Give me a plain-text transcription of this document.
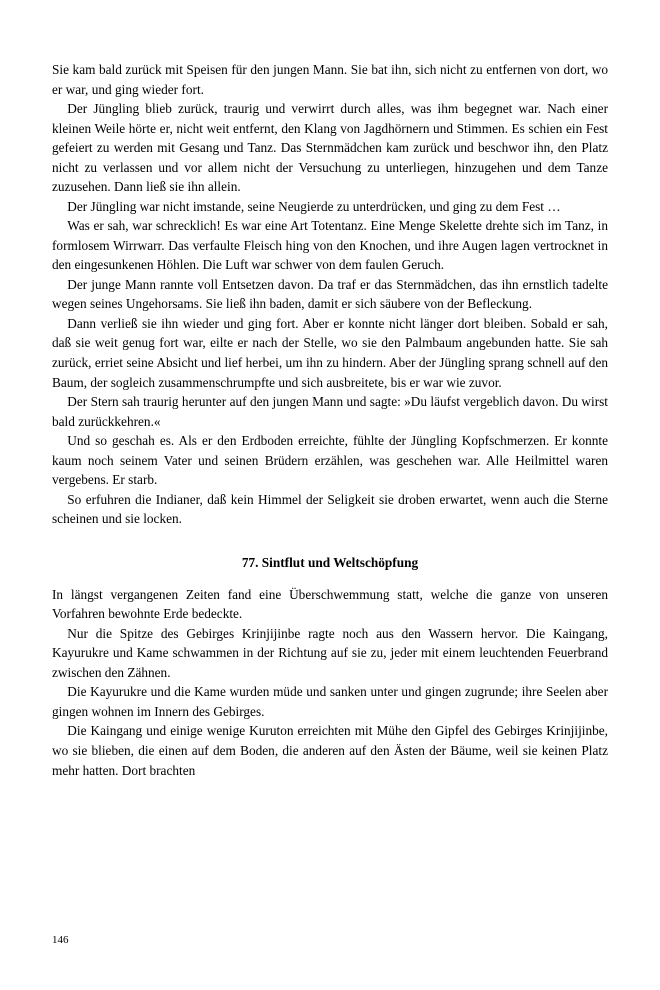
Sie kam bald zurück mit Speisen für den jungen Mann. Sie bat ihn, sich nicht zu entfernen von dort, wo er war, und ging wieder fort.

Der Jüngling blieb zurück, traurig und verwirrt durch alles, was ihm begegnet war. Nach einer kleinen Weile hörte er, nicht weit entfernt, den Klang von Jagdhörnern und Stimmen. Es schien ein Fest gefeiert zu werden mit Gesang und Tanz. Das Sternmädchen kam zurück und beschwor ihn, den Platz nicht zu verlassen und vor allem nicht der Versuchung zu unterliegen, hinzugehen und dem Tanze zuzusehen. Dann ließ sie ihn allein.

Der Jüngling war nicht imstande, seine Neugierde zu unterdrücken, und ging zu dem Fest …

Was er sah, war schrecklich! Es war eine Art Totentanz. Eine Menge Skelette drehte sich im Tanz, in formlosem Wirrwarr. Das verfaulte Fleisch hing von den Knochen, und ihre Augen lagen vertrocknet in den eingesunkenen Höhlen. Die Luft war schwer von dem faulen Geruch.

Der junge Mann rannte voll Entsetzen davon. Da traf er das Sternmädchen, das ihn ernstlich tadelte wegen seines Ungehorsams. Sie ließ ihn baden, damit er sich säubere von der Befleckung.

Dann verließ sie ihn wieder und ging fort. Aber er konnte nicht länger dort bleiben. Sobald er sah, daß sie weit genug fort war, eilte er nach der Stelle, wo sie den Palmbaum angebunden hatte. Sie sah zurück, erriet seine Absicht und lief herbei, um ihn zu hindern. Aber der Jüngling sprang schnell auf den Baum, der sogleich zusammenschrumpfte und sich ausbreitete, bis er war wie zuvor.

Der Stern sah traurig herunter auf den jungen Mann und sagte: »Du läufst vergeblich davon. Du wirst bald zurückkehren.«

Und so geschah es. Als er den Erdboden erreichte, fühlte der Jüngling Kopfschmerzen. Er konnte kaum noch seinem Vater und seinen Brüdern erzählen, was geschehen war. Alle Heilmittel waren vergebens. Er starb.

So erfuhren die Indianer, daß kein Himmel der Seligkeit sie droben erwartet, wenn auch die Sterne scheinen und sie locken.

77. Sintflut und Weltschöpfung

In längst vergangenen Zeiten fand eine Überschwemmung statt, welche die ganze von unseren Vorfahren bewohnte Erde bedeckte.

Nur die Spitze des Gebirges Krinjijinbe ragte noch aus den Wassern hervor. Die Kaingang, Kayurukre und Kame schwammen in der Richtung auf sie zu, jeder mit einem leuchtenden Feuerbrand zwischen den Zähnen.

Die Kayurukre und die Kame wurden müde und sanken unter und gingen zugrunde; ihre Seelen aber gingen wohnen im Innern des Gebirges.

Die Kaingang und einige wenige Kuruton erreichten mit Mühe den Gipfel des Gebirges Krinjijinbe, wo sie blieben, die einen auf dem Boden, die anderen auf den Ästen der Bäume, weil sie keinen Platz mehr hatten. Dort brachten

146
